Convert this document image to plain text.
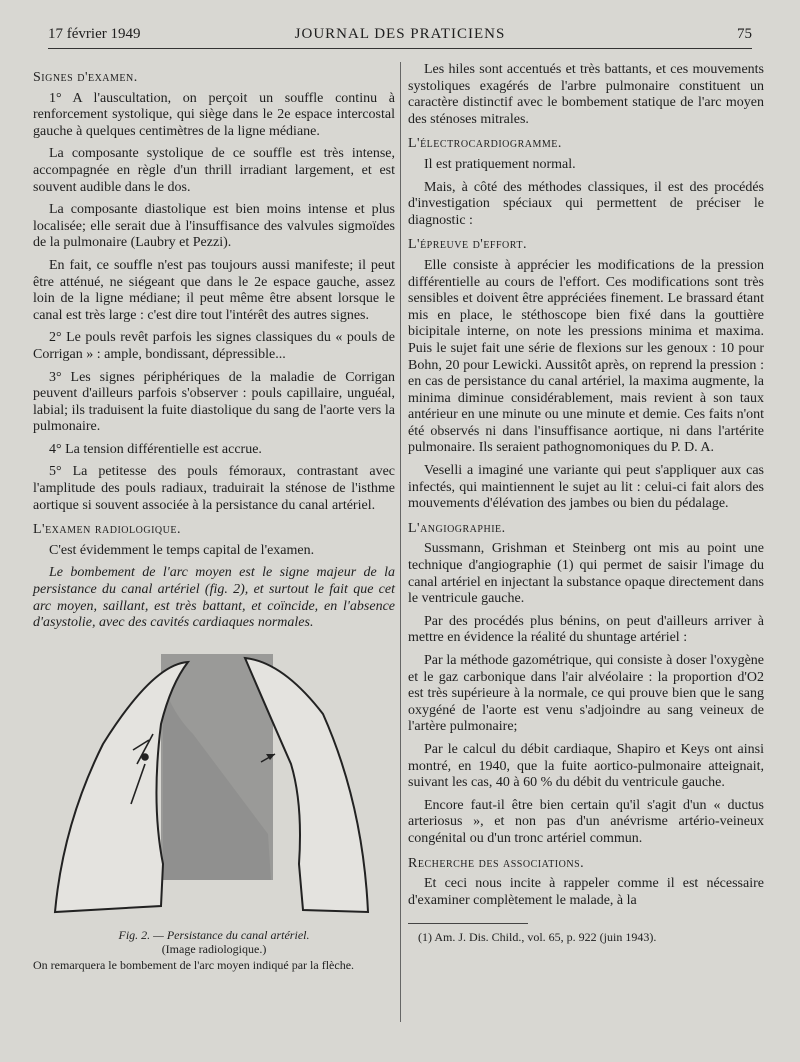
17 février 1949	JOURNAL DES PRATICIENS	75
Signes d'examen.

1° A l'auscultation, on perçoit un souffle continu à renforcement systolique, qui siège dans le 2e espace intercostal gauche à quelques centimètres de la ligne médiane.

La composante systolique de ce souffle est très intense, accompagnée en règle d'un thrill irradiant largement, et est souvent audible dans le dos.

La composante diastolique est bien moins intense et plus localisée; elle serait due à l'insuffisance des valvules sigmoïdes de la pulmonaire (Laubry et Pezzi).

En fait, ce souffle n'est pas toujours aussi manifeste; il peut être atténué, ne siégeant que dans le 2e espace gauche, assez loin de la ligne médiane; il peut même être absent lorsque le canal est très large : c'est dire tout l'intérêt des autres signes.

2° Le pouls revêt parfois les signes classiques du « pouls de Corrigan » : ample, bondissant, dépressible...

3° Les signes périphériques de la maladie de Corrigan peuvent d'ailleurs parfois s'observer : pouls capillaire, unguéal, labial; ils traduisent la fuite diastolique du sang de l'aorte vers la pulmonaire.

4° La tension différentielle est accrue.

5° La petitesse des pouls fémoraux, contrastant avec l'amplitude des pouls radiaux, traduirait la sténose de l'isthme aortique si souvent associée à la persistance du canal artériel.

L'examen radiologique.

C'est évidemment le temps capital de l'examen.

Le bombement de l'arc moyen est le signe majeur de la persistance du canal artériel (fig. 2), et surtout le fait que cet arc moyen, saillant, est très battant, et coïncide, en l'absence d'asystolie, avec des cavités cardiaques normales.

Fig. 2. — Persistance du canal artériel.
(Image radiologique.)
On remarquera le bombement de l'arc moyen indiqué par la flèche.

Les hiles sont accentués et très battants, et ces mouvements systoliques exagérés de l'arbre pulmonaire constituent un caractère distinctif avec le bombement statique de l'arc moyen des sténoses mitrales.

L'électrocardiogramme.

Il est pratiquement normal.

Mais, à côté des méthodes classiques, il est des procédés d'investigation spéciaux qui permettent de préciser le diagnostic :

L'épreuve d'effort.

Elle consiste à apprécier les modifications de la pression différentielle au cours de l'effort. Ces modifications sont très sensibles et doivent être appréciées finement. Le brassard étant mis en place, le stéthoscope bien fixé dans la gouttière bicipitale interne, on note les pressions minima et maxima. Puis le sujet fait une série de flexions sur les genoux : 10 pour Bohn, 20 pour Lewicki. Aussitôt après, on reprend la pression : en cas de persistance du canal artériel, la maxima augmente, la minima diminue considérablement, mais revient à son taux antérieur en une minute ou une minute et demie. Ces faits n'ont été observés ni dans l'insuffisance aortique, ni dans l'artérite pulmonaire. Ils seraient pathognomoniques du P. D. A.

Veselli a imaginé une variante qui peut s'appliquer aux cas infectés, qui maintiennent le sujet au lit : celui-ci fait alors des mouvements d'élévation des jambes ou bien du pédalage.

L'angiographie.

Sussmann, Grishman et Steinberg ont mis au point une technique d'angiographie (1) qui permet de saisir l'image du canal artériel en injectant la substance opaque directement dans le ventricule gauche.

Par des procédés plus bénins, on peut d'ailleurs arriver à mettre en évidence la réalité du shuntage artériel :

Par la méthode gazométrique, qui consiste à doser l'oxygène et le gaz carbonique dans l'air alvéolaire : la proportion d'O2 est très supérieure à la normale, ce qui prouve bien que le sang oxygéné de l'aorte est venu s'adjoindre au sang veineux de l'artère pulmonaire;

Par le calcul du débit cardiaque, Shapiro et Keys ont ainsi montré, en 1940, que la fuite aortico-pulmonaire atteignait, suivant les cas, 40 à 60 % du débit du ventricule gauche.

Encore faut-il être bien certain qu'il s'agit d'un « ductus arteriosus », et non pas d'un anévrisme artério-veineux congénital ou d'un tronc artériel commun.

Recherche des associations.

Et ceci nous incite à rappeler comme il est nécessaire d'examiner complètement le malade, à la

(1) Am. J. Dis. Child., vol. 65, p. 922 (juin 1943).
